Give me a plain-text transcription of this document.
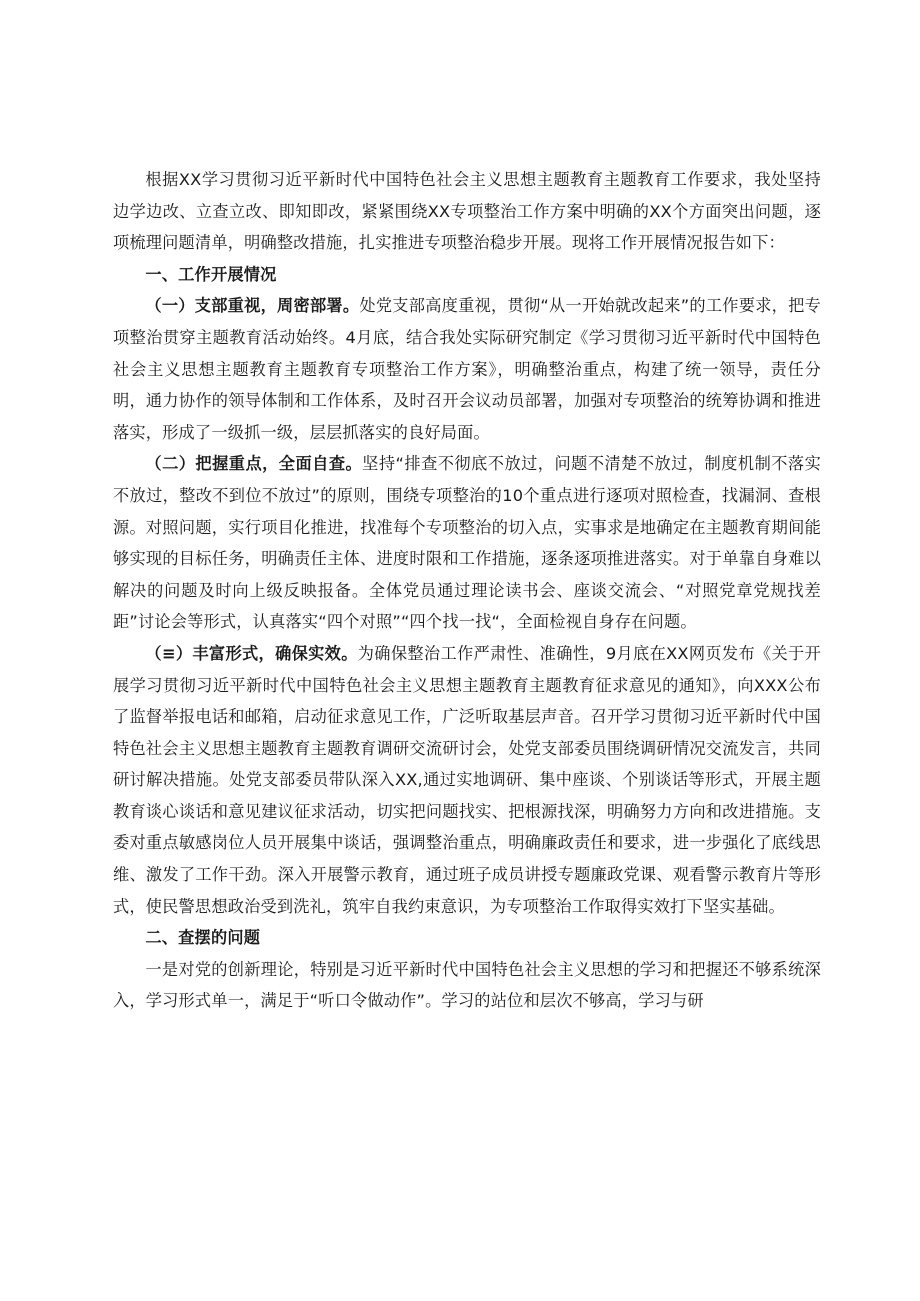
根据XX学习贯彻习近平新时代中国特色社会主义思想主题教育主题教育工作要求，我处坚持边学边改、立查立改、即知即改，紧紧围绕XX专项整治工作方案中明确的XX个方面突出问题，逐项梳理问题清单，明确整改措施，扎实推进专项整治稳步开展。现将工作开展情况报告如下：

一、工作开展情况

（一）支部重视，周密部署。处党支部高度重视，贯彻“从一开始就改起来”的工作要求，把专项整治贯穿主题教育活动始终。4月底，结合我处实际研究制定《学习贯彻习近平新时代中国特色社会主义思想主题教育主题教育专项整治工作方案》，明确整治重点，构建了统一领导，责任分明，通力协作的领导体制和工作体系，及时召开会议动员部署，加强对专项整治的统筹协调和推进落实，形成了一级抓一级，层层抓落实的良好局面。

（二）把握重点，全面自查。坚持“排查不彻底不放过，问题不清楚不放过，制度机制不落实不放过，整改不到位不放过”的原则，围绕专项整治的10个重点进行逐项对照检查，找漏洞、查根源。对照问题，实行项目化推进，找准每个专项整治的切入点，实事求是地确定在主题教育期间能够实现的目标任务，明确责任主体、进度时限和工作措施，逐条逐项推进落实。对于单靠自身难以解决的问题及时向上级反映报备。全体党员通过理论读书会、座谈交流会、“对照党章党规找差距”讨论会等形式，认真落实“四个对照”“四个找一找“，全面检视自身存在问题。

（≡）丰富形式，确保实效。为确保整治工作严肃性、准确性，9月底在XX网页发布《关于开展学习贯彻习近平新时代中国特色社会主义思想主题教育主题教育征求意见的通知》，向XXX公布了监督举报电话和邮箱，启动征求意见工作，广泛听取基层声音。召开学习贯彻习近平新时代中国特色社会主义思想主题教育主题教育调研交流研讨会，处党支部委员围绕调研情况交流发言，共同研讨解决措施。处党支部委员带队深入XX,通过实地调研、集中座谈、个别谈话等形式，开展主题教育谈心谈话和意见建议征求活动，切实把问题找实、把根源找深，明确努力方向和改进措施。支委对重点敏感岗位人员开展集中谈话，强调整治重点，明确廉政责任和要求，进一步强化了底线思维、激发了工作干劲。深入开展警示教育，通过班子成员讲授专题廉政党课、观看警示教育片等形式，使民警思想政治受到洗礼，筑牢自我约束意识，为专项整治工作取得实效打下坚实基础。

二、查摆的问题

一是对党的创新理论，特别是习近平新时代中国特色社会主义思想的学习和把握还不够系统深入，学习形式单一，满足于“听口令做动作”。学习的站位和层次不够高，学习与研
